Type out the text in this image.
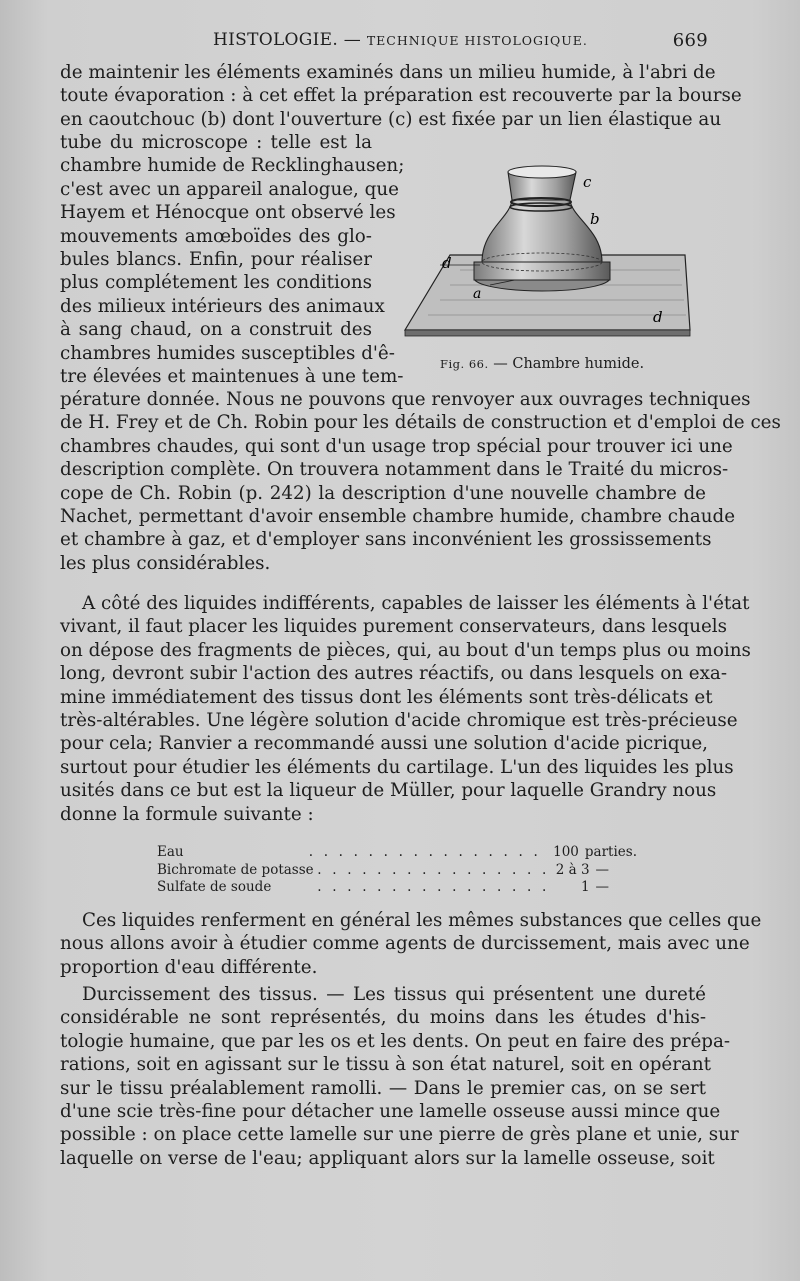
HISTOLOGIE. — TECHNIQUE HISTOLOGIQUE.	669
de maintenir les éléments examinés dans un milieu humide, à l'abri de
toute évaporation : à cet effet la préparation est recouverte par la bourse
en caoutchouc (b) dont l'ouverture (c) est fixée par un lien élastique au
tube du microscope : telle est la
chambre humide de Recklinghausen;
c'est avec un appareil analogue, que
Hayem et Hénocque ont observé les
mouvements amœboïdes des glo-
bules blancs. Enfin, pour réaliser
plus complétement les conditions
des milieux intérieurs des animaux
à sang chaud, on a construit des
chambres humides susceptibles d'ê-
tre élevées et maintenues à une tem-
c
b
d
a
d
Fig. 66. — Chambre humide.
pérature donnée. Nous ne pouvons que renvoyer aux ouvrages techniques
de H. Frey et de Ch. Robin pour les détails de construction et d'emploi de ces
chambres chaudes, qui sont d'un usage trop spécial pour trouver ici une
description complète. On trouvera notamment dans le Traité du micros-
cope de Ch. Robin (p. 242) la description d'une nouvelle chambre de
Nachet, permettant d'avoir ensemble chambre humide, chambre chaude
et chambre à gaz, et d'employer sans inconvénient les grossissements
les plus considérables.
A côté des liquides indifférents, capables de laisser les éléments à l'état
vivant, il faut placer les liquides purement conservateurs, dans lesquels
on dépose des fragments de pièces, qui, au bout d'un temps plus ou moins
long, devront subir l'action des autres réactifs, ou dans lesquels on exa-
mine immédiatement des tissus dont les éléments sont très-délicats et
très-altérables. Une légère solution d'acide chromique est très-précieuse
pour cela; Ranvier a recommandé aussi une solution d'acide picrique,
surtout pour étudier les éléments du cartilage. L'un des liquides les plus
usités dans ce but est la liqueur de Müller, pour laquelle Grandry nous
donne la formule suivante :
Eau	. . . . . . . . . . . . . . . . 100 parties.
Bichromate de potasse . . . . . . . . . . . . . . . . 2 à 3 —
Sulfate de soude	. . . . . . . . . . . . . . . .	1 —
Ces liquides renferment en général les mêmes substances que celles que
nous allons avoir à étudier comme agents de durcissement, mais avec une
proportion d'eau différente.
Durcissement des tissus. — Les tissus qui présentent une dureté
considérable ne sont représentés, du moins dans les études d'his-
tologie humaine, que par les os et les dents. On peut en faire des prépa-
rations, soit en agissant sur le tissu à son état naturel, soit en opérant
sur le tissu préalablement ramolli. — Dans le premier cas, on se sert
d'une scie très-fine pour détacher une lamelle osseuse aussi mince que
possible : on place cette lamelle sur une pierre de grès plane et unie, sur
laquelle on verse de l'eau; appliquant alors sur la lamelle osseuse, soit
